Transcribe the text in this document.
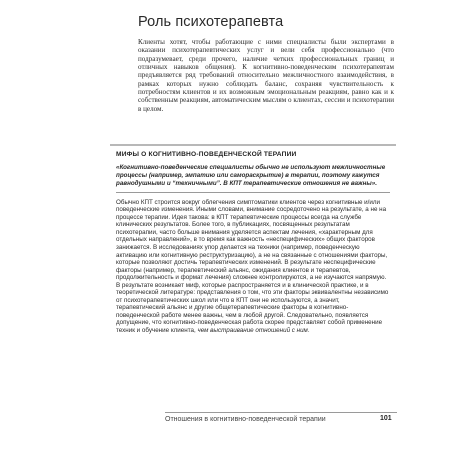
Роль психотерапевта

Клиенты хотят, чтобы работающие с ними специалисты были экспертами в оказании психотерапевтических услуг и вели себя профессионально (что подразумевает, среди прочего, наличие четких профессиональных границ и отличных навыков общения). К когнитивно-поведенческим психотерапевтам предъявляется ряд требований относительно межличностного взаимодействия, в рамках которых нужно соблюдать баланс, сохраняя чувствительность к потребностям клиентов и их возможным эмоциональным реакциям, равно как и к собственным реакциям, автоматическим мыслям о клиентах, сессии и психотерапии в целом.

МИФЫ О КОГНИТИВНО-ПОВЕДЕНЧЕСКОЙ ТЕРАПИИ
«Когнитивно-поведенческие специалисты обычно не используют межличностные процессы (например, эмпатию или самораскрытие) в терапии, поэтому кажутся равнодушными и “техничными”. В КПТ терапевтические отношения не важны».
Обычно КПТ строится вокруг облегчения симптоматики клиентов через когнитивные и/или поведенческие изменения. Иными словами, внимание сосредоточено на результате, а не на процессе терапии. Идея такова: в КПТ терапевтические процессы всегда на службе клинических результатов. Более того, в публикациях, посвященных результатам психотерапии, часто больше внимания уделяется аспектам лечения, «характерным для отдельных направлений», в то время как важность «неспецифических» общих факторов занижается. В исследованиях упор делается на техники (например, поведенческую активацию или когнитивную реструктуризацию), а не на связанные с отношениями факторы, которые позволяют достичь терапевтических изменений. В результате неспецифические факторы (например, терапевтический альянс, ожидания клиентов и терапевтов, продолжительность и формат лечения) сложнее контролируются, а не изучаются напрямую. В результате возникает миф, которые распространяется и в клинической практике, и в теоретической литературе: представления о том, что эти факторы эквивалентны независимо от психотерапевтических школ или что в КПТ они не используются, а значит, терапевтический альянс и другие общетерапевтические факторы в когнитивно-поведенческой работе менее важны, чем в любой другой. Следовательно, появляется допущение, что когнитивно-поведенческая работа скорее представляет собой применение техник и обучение клиента, чем выстраивание отношений с ним.
Отношения в когнитивно-поведенческой терапии	101
